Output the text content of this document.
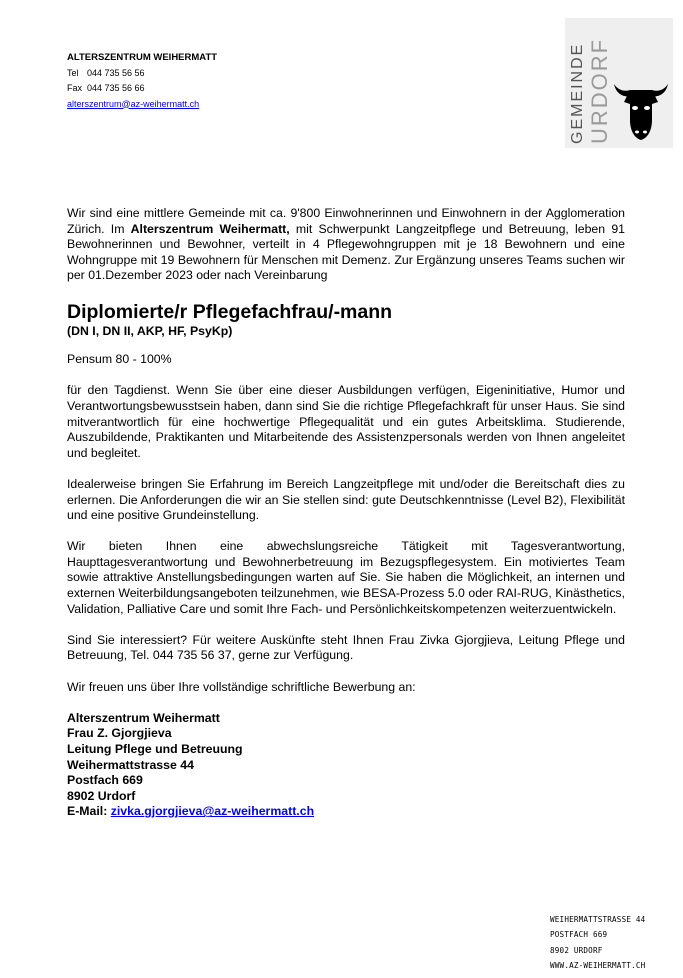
ALTERSZENTRUM WEIHERMATT
Tel 044 735 56 56
Fax 044 735 56 66
alterszentrum@az-weihermatt.ch	GEMEINDE
URDORF

Wir sind eine mittlere Gemeinde mit ca. 9'800 Einwohnerinnen und Einwohnern in der Agglomeration Zürich. Im Alterszentrum Weihermatt, mit Schwerpunkt Langzeitpflege und Betreuung, leben 91 Bewohnerinnen und Bewohner, verteilt in 4 Pflegewohngruppen mit je 18 Bewohnern und eine Wohngruppe mit 19 Bewohnern für Menschen mit Demenz. Zur Ergänzung unseres Teams suchen wir per 01.Dezember 2023 oder nach Vereinbarung

Diplomierte/r Pflegefachfrau/-mann
(DN I, DN II, AKP, HF, PsyKp)

Pensum 80 - 100%

für den Tagdienst. Wenn Sie über eine dieser Ausbildungen verfügen, Eigeninitiative, Humor und Verantwortungsbewusstsein haben, dann sind Sie die richtige Pflegefachkraft für unser Haus. Sie sind mitverantwortlich für eine hochwertige Pflegequalität und ein gutes Arbeitsklima. Studierende, Auszubildende, Praktikanten und Mitarbeitende des Assistenzpersonals werden von Ihnen angeleitet und begleitet.

Idealerweise bringen Sie Erfahrung im Bereich Langzeitpflege mit und/oder die Bereitschaft dies zu erlernen. Die Anforderungen die wir an Sie stellen sind: gute Deutschkenntnisse (Level B2), Flexibilität und eine positive Grundeinstellung.

Wir bieten Ihnen eine abwechslungsreiche Tätigkeit mit Tagesverantwortung, Haupttagesverantwortung und Bewohnerbetreuung im Bezugspflegesystem. Ein motiviertes Team sowie attraktive Anstellungsbedingungen warten auf Sie. Sie haben die Möglichkeit, an internen und externen Weiterbildungsangeboten teilzunehmen, wie BESA-Prozess 5.0 oder RAI-RUG, Kinästhetics, Validation, Palliative Care und somit Ihre Fach- und Persönlichkeitskompetenzen weiterzuentwickeln.

Sind Sie interessiert? Für weitere Auskünfte steht Ihnen Frau Zivka Gjorgjieva, Leitung Pflege und Betreuung, Tel. 044 735 56 37, gerne zur Verfügung.

Wir freuen uns über Ihre vollständige schriftliche Bewerbung an:

Alterszentrum Weihermatt
Frau Z. Gjorgjieva
Leitung Pflege und Betreuung
Weihermattstrasse 44
Postfach 669
8902 Urdorf
E-Mail: zivka.gjorgjieva@az-weihermatt.ch
WEIHERMATTSTRASSE 44
POSTFACH 669
8902 URDORF
WWW.AZ-WEIHERMATT.CH
